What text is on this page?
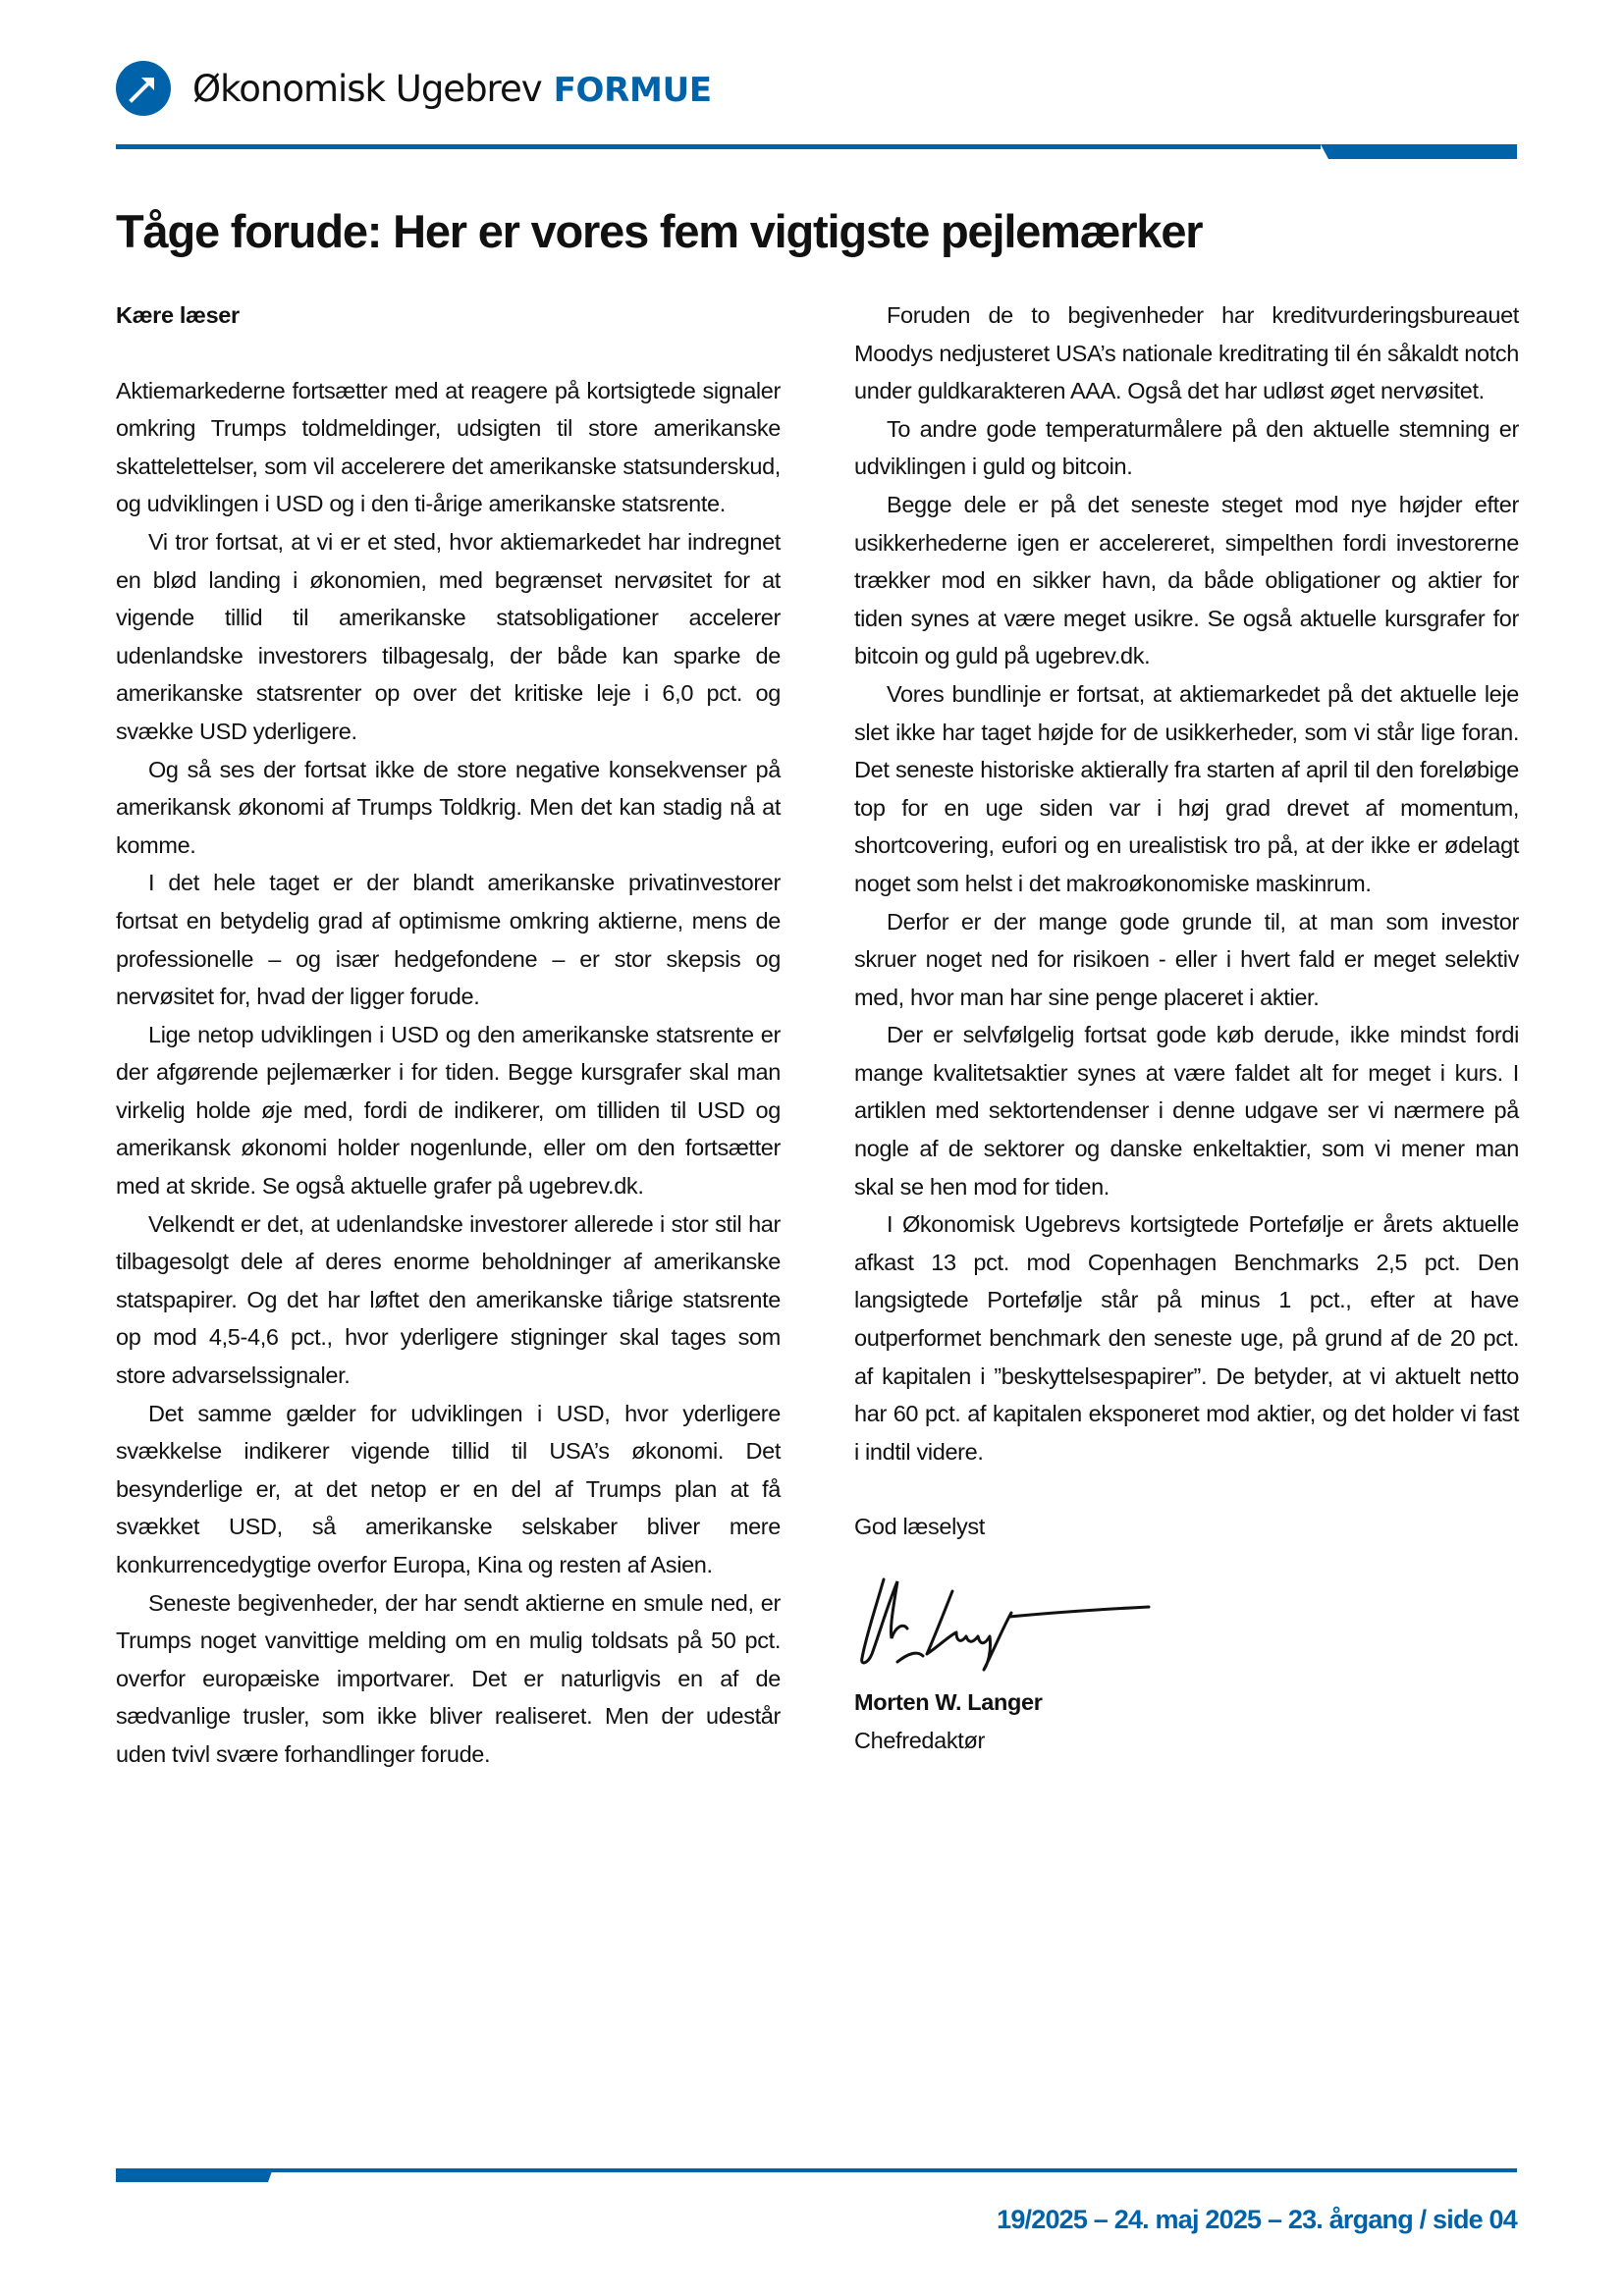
Økonomisk Ugebrev FORMUE
Tåge forude: Her er vores fem vigtigste pejlemærker

Kære læser

Aktiemarkederne fortsætter med at reagere på kortsigtede signaler omkring Trumps toldmeldinger, udsigten til store amerikanske skattelettelser, som vil accelerere det amerikanske statsunderskud, og udviklingen i USD og i den ti-årige amerikanske statsrente.

Vi tror fortsat, at vi er et sted, hvor aktiemarkedet har indregnet en blød landing i økonomien, med begrænset nervøsitet for at vigende tillid til amerikanske statsobligationer accelerer udenlandske investorers tilbagesalg, der både kan sparke de amerikanske statsrenter op over det kritiske leje i 6,0 pct. og svække USD yderligere.

Og så ses der fortsat ikke de store negative konsekvenser på amerikansk økonomi af Trumps Toldkrig. Men det kan stadig nå at komme.

I det hele taget er der blandt amerikanske privatinvestorer fortsat en betydelig grad af optimisme omkring aktierne, mens de professionelle – og især hedgefondene – er stor skepsis og nervøsitet for, hvad der ligger forude.

Lige netop udviklingen i USD og den amerikanske statsrente er der afgørende pejlemærker i for tiden. Begge kursgrafer skal man virkelig holde øje med, fordi de indikerer, om tilliden til USD og amerikansk økonomi holder nogenlunde, eller om den fortsætter med at skride. Se også aktuelle grafer på ugebrev.dk.

Velkendt er det, at udenlandske investorer allerede i stor stil har tilbagesolgt dele af deres enorme beholdninger af amerikanske statspapirer. Og det har løftet den amerikanske tiårige statsrente op mod 4,5-4,6 pct., hvor yderligere stigninger skal tages som store advarselssignaler.

Det samme gælder for udviklingen i USD, hvor yderligere svækkelse indikerer vigende tillid til USA’s økonomi. Det besynderlige er, at det netop er en del af Trumps plan at få svækket USD, så amerikanske selskaber bliver mere konkurrencedygtige overfor Europa, Kina og resten af Asien.

Seneste begivenheder, der har sendt aktierne en smule ned, er Trumps noget vanvittige melding om en mulig toldsats på 50 pct. overfor europæiske importvarer. Det er naturligvis en af de sædvanlige trusler, som ikke bliver realiseret. Men der udestår uden tvivl svære forhandlinger forude.

Foruden de to begivenheder har kreditvurderingsbureauet Moodys nedjusteret USA’s nationale kreditrating til én såkaldt notch under guldkarakteren AAA. Også det har udløst øget nervøsitet.

To andre gode temperaturmålere på den aktuelle stemning er udviklingen i guld og bitcoin.

Begge dele er på det seneste steget mod nye højder efter usikkerhederne igen er accelereret, simpelthen fordi investorerne trækker mod en sikker havn, da både obligationer og aktier for tiden synes at være meget usikre. Se også aktuelle kursgrafer for bitcoin og guld på ugebrev.dk.

Vores bundlinje er fortsat, at aktiemarkedet på det aktuelle leje slet ikke har taget højde for de usikkerheder, som vi står lige foran. Det seneste historiske aktierally fra starten af april til den foreløbige top for en uge siden var i høj grad drevet af momentum, shortcovering, eufori og en urealistisk tro på, at der ikke er ødelagt noget som helst i det makroøkonomiske maskinrum.

Derfor er der mange gode grunde til, at man som investor skruer noget ned for risikoen - eller i hvert fald er meget selektiv med, hvor man har sine penge placeret i aktier.

Der er selvfølgelig fortsat gode køb derude, ikke mindst fordi mange kvalitetsaktier synes at være faldet alt for meget i kurs. I artiklen med sektortendenser i denne udgave ser vi nærmere på nogle af de sektorer og danske enkeltaktier, som vi mener man skal se hen mod for tiden.

I Økonomisk Ugebrevs kortsigtede Portefølje er årets aktuelle afkast 13 pct. mod Copenhagen Benchmarks 2,5 pct. Den langsigtede Portefølje står på minus 1 pct., efter at have outperformet benchmark den seneste uge, på grund af de 20 pct. af kapitalen i ”beskyttelsespapirer”. De betyder, at vi aktuelt netto har 60 pct. af kapitalen eksponeret mod aktier, og det holder vi fast i indtil videre.

God læselyst

Morten W. Langer

Chefredaktør

19/2025 – 24. maj 2025 – 23. årgang / side 04
